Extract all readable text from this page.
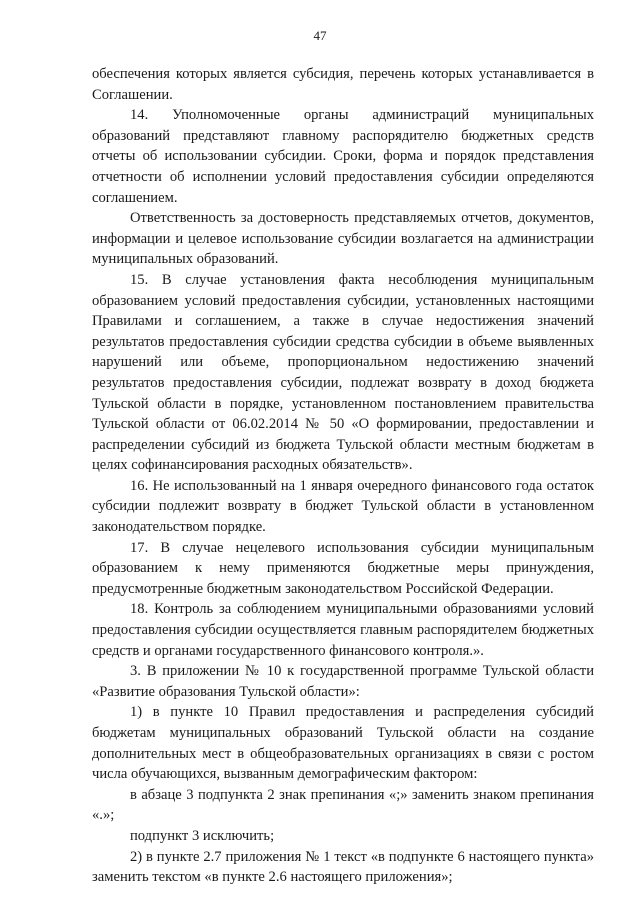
47

обеспечения которых является субсидия, перечень которых устанавливается в Соглашении.

14. Уполномоченные органы администраций муниципальных образований представляют главному распорядителю бюджетных средств отчеты об использовании субсидии. Сроки, форма и порядок представления отчетности об исполнении условий предоставления субсидии определяются соглашением.

Ответственность за достоверность представляемых отчетов, документов, информации и целевое использование субсидии возлагается на администрации муниципальных образований.

15. В случае установления факта несоблюдения муниципальным образованием условий предоставления субсидии, установленных настоящими Правилами и соглашением, а также в случае недостижения значений результатов предоставления субсидии средства субсидии в объеме выявленных нарушений или объеме, пропорциональном недостижению значений результатов предоставления субсидии, подлежат возврату в доход бюджета Тульской области в порядке, установленном постановлением правительства Тульской области от 06.02.2014 № 50 «О формировании, предоставлении и распределении субсидий из бюджета Тульской области местным бюджетам в целях софинансирования расходных обязательств».

16. Не использованный на 1 января очередного финансового года остаток субсидии подлежит возврату в бюджет Тульской области в установленном законодательством порядке.

17. В случае нецелевого использования субсидии муниципальным образованием к нему применяются бюджетные меры принуждения, предусмотренные бюджетным законодательством Российской Федерации.

18. Контроль за соблюдением муниципальными образованиями условий предоставления субсидии осуществляется главным распорядителем бюджетных средств и органами государственного финансового контроля.».

3. В приложении № 10 к государственной программе Тульской области «Развитие образования Тульской области»:

1) в пункте 10 Правил предоставления и распределения субсидий бюджетам муниципальных образований Тульской области на создание дополнительных мест в общеобразовательных организациях в связи с ростом числа обучающихся, вызванным демографическим фактором:

в абзаце 3 подпункта 2 знак препинания «;» заменить знаком препинания «.»;

подпункт 3 исключить;

2) в пункте 2.7 приложения № 1 текст «в подпункте 6 настоящего пункта» заменить текстом «в пункте 2.6 настоящего приложения»;
